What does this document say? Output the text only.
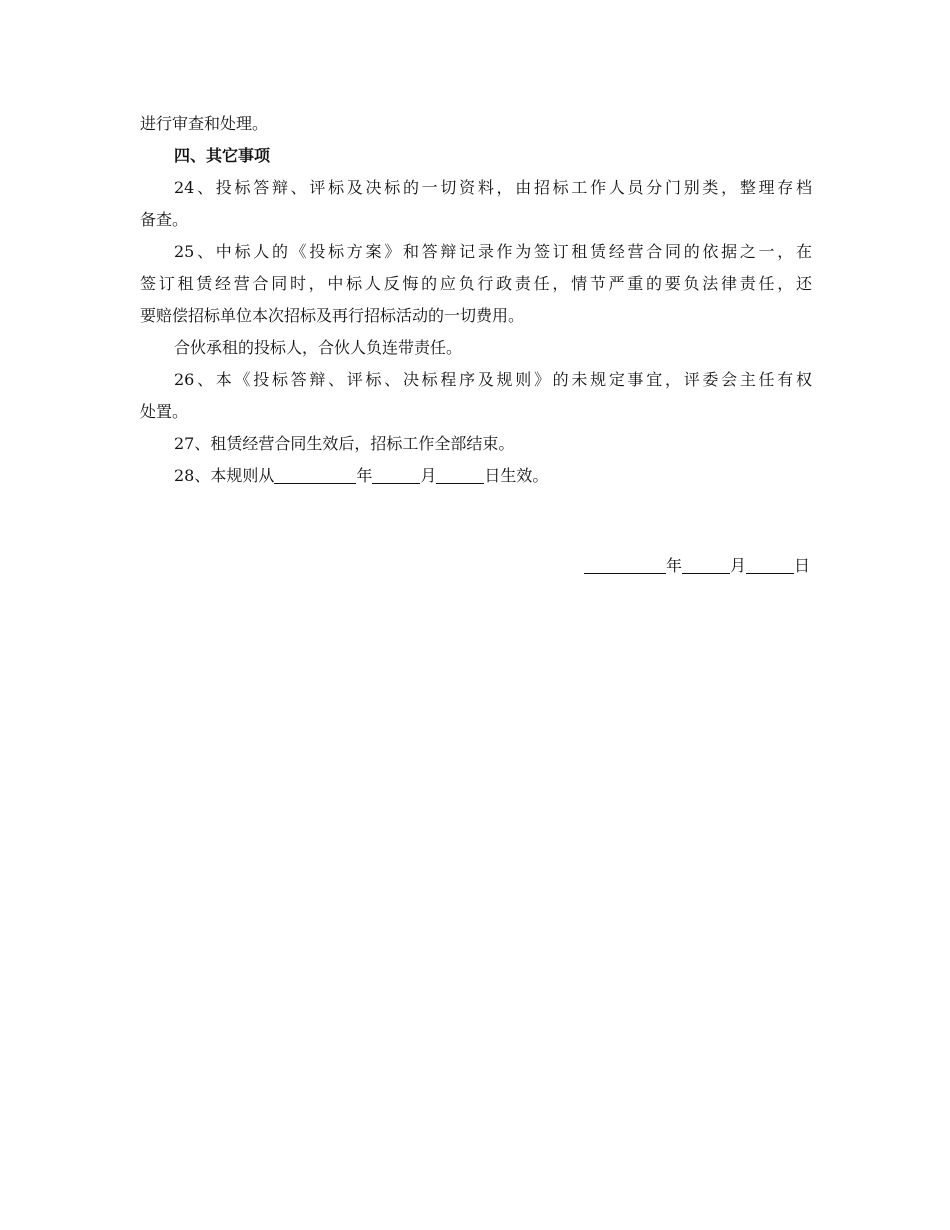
进行审查和处理。
四、其它事项
24、投标答辩、评标及决标的一切资料，由招标工作人员分门别类，整理存档
备查。
25、中标人的《投标方案》和答辩记录作为签订租赁经营合同的依据之一，在
签订租赁经营合同时，中标人反悔的应负行政责任，情节严重的要负法律责任，还
要赔偿招标单位本次招标及再行招标活动的一切费用。
合伙承租的投标人，合伙人负连带责任。
26、本《投标答辩、评标、决标程序及规则》的未规定事宜，评委会主任有权
处置。
27、租赁经营合同生效后，招标工作全部结束。
28、本规则从	年	月	日生效。
年	月	日
